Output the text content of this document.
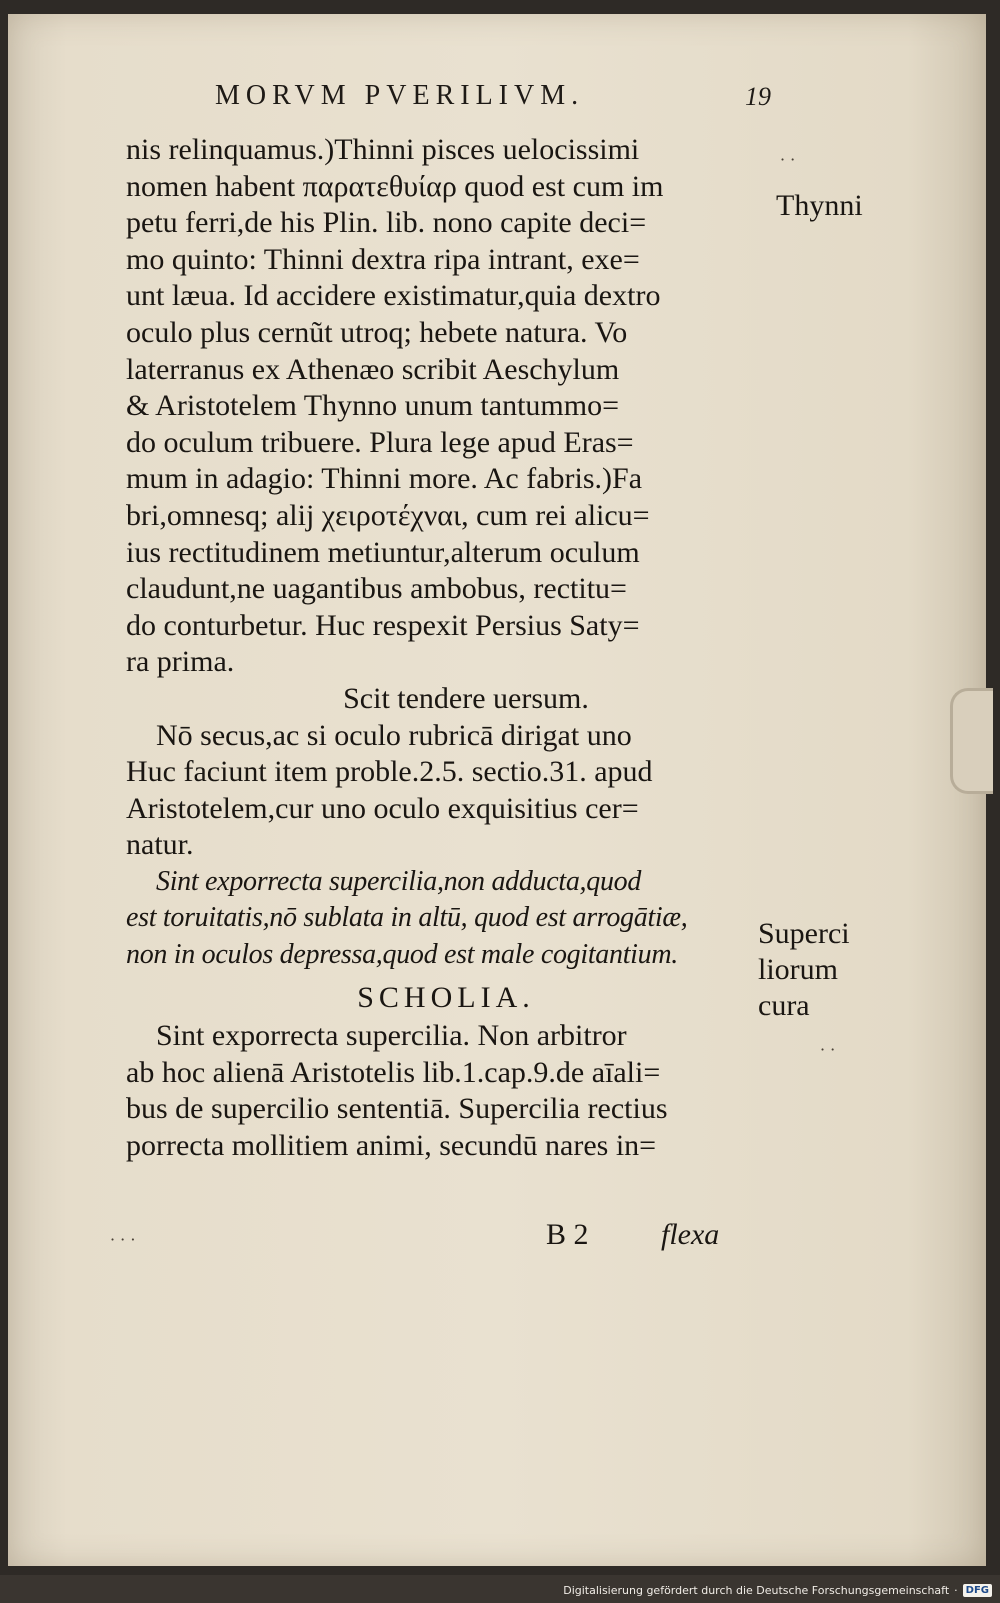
MORVM PVERILIVM.	19
nis relinquamus.)Thinni pisces uelocissimi
nomen habent παρατεθυίαρ quod est cum im
petu ferri,de his Plin. lib. nono capite deci=
mo quinto: Thinni dextra ripa intrant, exe=
unt læua. Id accidere existimatur,quia dextro
oculo plus cernũt utroq; hebete natura. Vo
laterranus ex Athenæo scribit Aeschylum
& Aristotelem Thynno unum tantummo=
do oculum tribuere. Plura lege apud Eras=
mum in adagio: Thinni more. Ac fabris.)Fa
bri,omnesq; alij χειροτέχναι, cum rei alicu=
ius rectitudinem metiuntur,alterum oculum
claudunt,ne uagantibus ambobus, rectitu=
do conturbetur. Huc respexit Persius Saty=
ra prima.
Scit tendere uersum.
Nō secus,ac si oculo rubricā dirigat uno
Huc faciunt item proble.2.5. sectio.31. apud
Aristotelem,cur uno oculo exquisitius cer=
natur.
Sint exporrecta supercilia,non adducta,quod
est toruitatis,nō sublata in altū, quod est arrogātiæ,
non in oculos depressa,quod est male cogitantium.
SCHOLIA.
Sint exporrecta supercilia. Non arbitror
ab hoc alienā Aristotelis lib.1.cap.9.de aīali=
bus de supercilio sententiā. Supercilia rectius
porrecta mollitiem animi, secundū nares in=
B 2 flexa
Thynni
Superci
liorum
cura
· ·
· · ·
· ·
Digitalisierung gefördert durch die Deutsche Forschungsgemeinschaft · DFG
